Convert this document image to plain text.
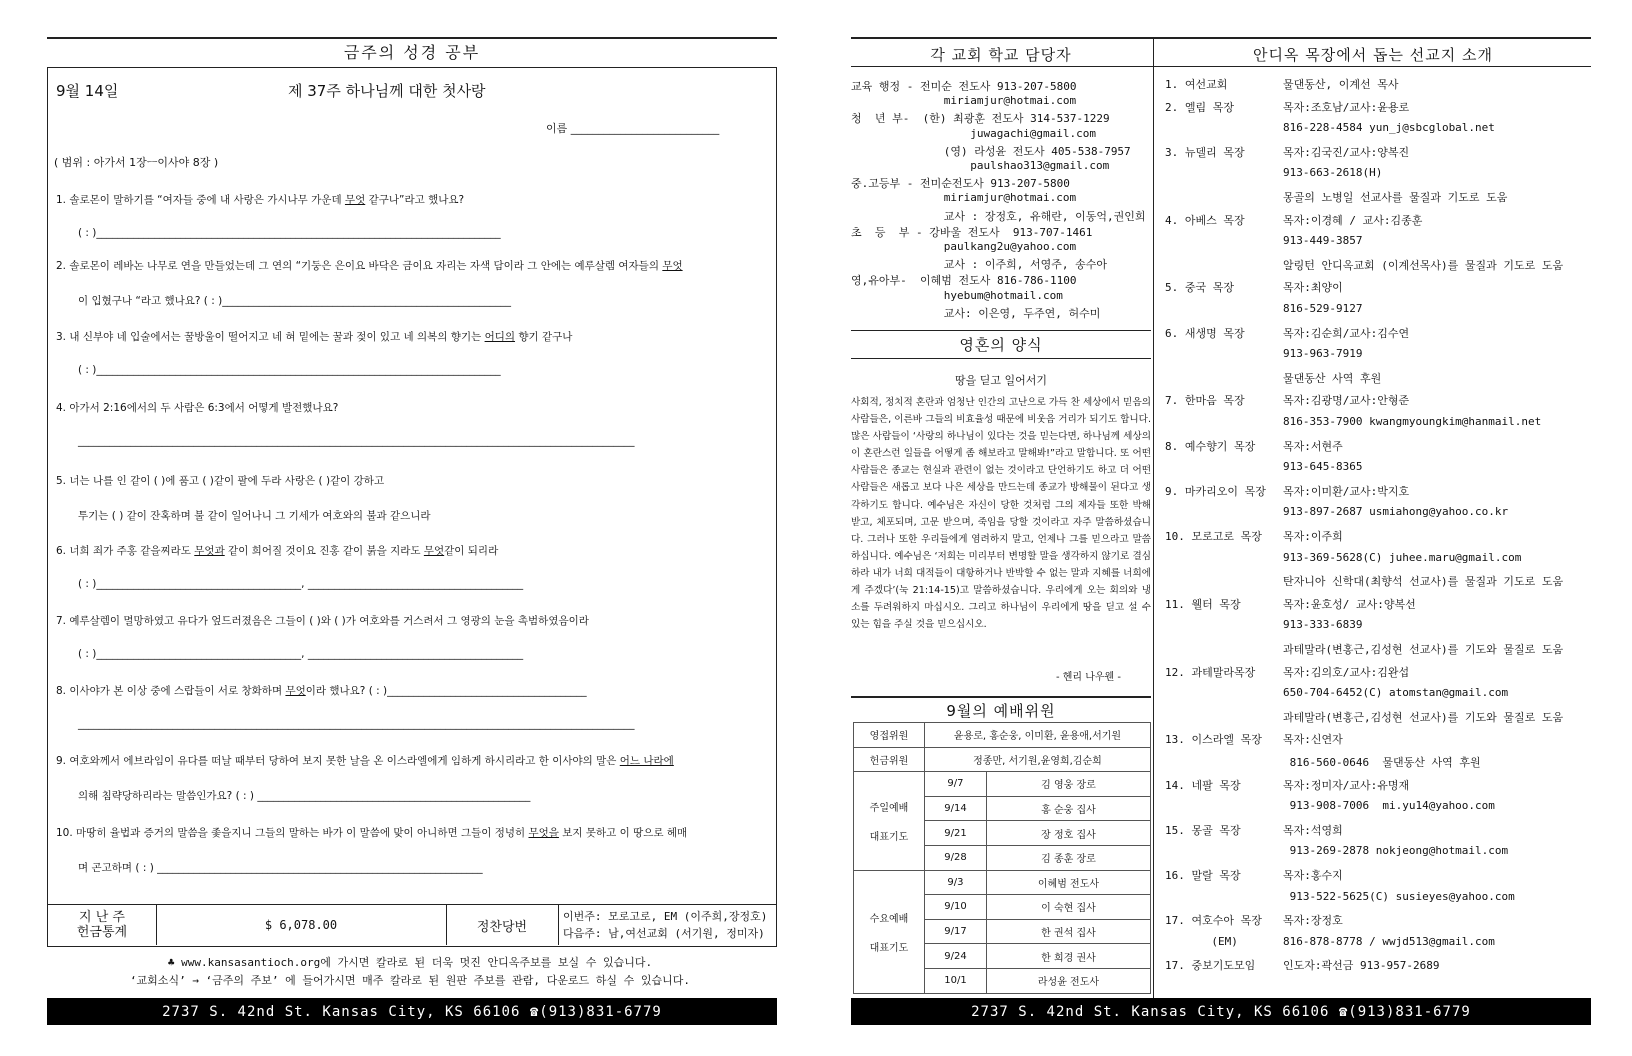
금주의 성경 공부
9월 14일	제 37주 하나님께 대한 첫사랑
이름 ___________________________
( 범위 : 아가서 1장ㅡ이사야 8장 )
1. 솔로몬이 말하기를 “여자들 중에 내 사랑은 가시나무 가운데 무엇 같구나”라고 했나요?
( : )_____________________________________________________________________________
2. 솔로몬이 레바논 나무로 연을 만들었는데 그 연의 “기둥은 은이요 바닥은 금이요 자리는 자색 담이라 그 안에는 예루살렘 여자들의 무엇
이 입혔구나 “라고 했나요? ( : )_______________________________________________________
3. 내 신부야 네 입술에서는 꿀방울이 떨어지고 네 혀 밑에는 꿀과 젖이 있고 네 의복의 향기는 어디의 향기 같구나
( : )_____________________________________________________________________________
4. 아가서 2:16에서의 두 사람은 6:3에서 어떻게 발전했나요?
__________________________________________________________________________________________________________
5. 너는 나를 인 같이 ( )에 품고 ( )같이 팔에 두라 사랑은 ( )같이 강하고
투기는 ( ) 같이 잔혹하며 불 같이 일어나니 그 기세가 여호와의 불과 같으니라
6. 너희 죄가 주홍 같을찌라도 무엇과 같이 희어질 것이요 진홍 같이 붉을 지라도 무엇같이 되리라
( : )_______________________________________, _________________________________________
7. 예루살렘이 멸망하였고 유다가 엎드러졌음은 그들이 ( )와 ( )가 여호와를 거스려서 그 영광의 눈을 촉범하였음이라
( : )_______________________________________, _________________________________________
8. 이사야가 본 이상 중에 스랍들이 서로 창화하며 무엇이라 했나요? ( : )______________________________________
__________________________________________________________________________________________________________
9. 여호와께서 에브라임이 유다를 떠날 때부터 당하여 보지 못한 날을 온 이스라엘에게 임하게 하시리라고 한 이사야의 말은 어느 나라에
의해 침략당하리라는 말씀인가요? ( : ) ____________________________________________________
10. 마땅히 율법과 증거의 말씀을 좇을지니 그들의 말하는 바가 이 말씀에 맞이 아니하면 그들이 정녕히 무엇을 보지 못하고 이 땅으로 헤매
며 곤고하며 ( : ) ______________________________________________________________
지 난 주
헌금통계	$ 6,078.00	정찬당번
이번주: 모로고로, EM (이주희,장정호)
다음주: 남,여선교회 (서기원, 정미자)
♣ www.kansasantioch.org에 가시면 칼라로 된 더욱 멋진 안디옥주보를 보실 수 있습니다.
‘교회소식’ → ‘금주의 주보’ 에 들어가시면 매주 칼라로 된 원판 주보를 관람, 다운로드 하실 수 있습니다.
2737 S. 42nd St. Kansas City, KS 66106 ☎(913)831-6779
각 교회 학교 담당자
교육 행정 - 전미순 전도사 913-207-5800
miriamjur@hotmai.com
청  년 부-  (한) 최광훈 전도사 314-537-1229
juwagachi@gmail.com
(영) 라성윤 전도사 405-538-7957
paulshao313@gmail.com
중.고등부 - 전미순전도사 913-207-5800
miriamjur@hotmai.com
교사 : 장정호, 유해란, 이동억,권인희
초  등  부 - 강바울 전도사  913-707-1461
paulkang2u@yahoo.com
교사 : 이주희, 서영주, 송수아
영,유아부-  이혜범 전도사 816-786-1100
hyebum@hotmail.com
교사: 이은영, 두주연, 허수미
영혼의 양식
땅을 딛고 일어서기
사회적, 정치적 혼란과 엄청난 인간의 고난으로 가득 찬 세상에서 믿음의 사람들은, 이른바 그들의 비효율성 때문에 비웃음 거리가 되기도 합니다. 많은 사람들이 ‘사랑의 하나님이 있다는 것을 믿는다면, 하나님께 세상의 이 혼란스런 일들을 어떻게 좀 해보라고 말해봐!”라고 말합니다. 또 어떤 사람들은 종교는 현실과 관련이 없는 것이라고 단언하기도 하고 더 어떤 사람들은 새롭고 보다 나은 세상을 만드는데 종교가 방해물이 된다고 생각하기도 합니다. 예수님은 자신이 당한 것처럼 그의 제자들 또한 박해 받고, 체포되며, 고문 받으며, 죽임을 당할 것이라고 자주 말씀하셨습니다. 그러나 또한 우리들에게 염려하지 말고, 언제나 그를 믿으라고 말씀하십니다. 예수님은 ‘저희는 미리부터 변명할 말을 생각하지 않기로 결심하라 내가 너희 대적들이 대항하거나 반박할 수 없는 말과 지혜를 너희에게 주겠다’(눅 21:14-15)고 말씀하셨습니다. 우리에게 오는 회의와 냉소를 두려워하지 마십시오. 그리고 하나님이 우리에게 땅을 딛고 설 수 있는 힘을 주실 것을 믿으십시오.
- 헨리 나우웬 -
9월의 예배위원
영접위원	윤용로, 홍순웅, 이미환, 윤용애,서기원	
헌금위원	정종만, 서기원,윤영희,김순희	

주일예배
대표기도	9/7	김 영웅 장로
	9/14	홍 순웅 집사
	9/21	장 정호 집사
	9/28	김 종훈 장로

수요예배
대표기도	9/3	이혜범 전도사
	9/10	이 숙현 집사
	9/17	한 권석 집사
	9/24	한 희경 권사
	10/1	라성윤 전도사
안디옥 목장에서 돕는 선교지 소개
1. 여선교회	물댄동산, 이계선 목사
2. 엘림 목장	목자:조호남/교사:윤용로
816-228-4584 yun_j@sbcglobal.net
3. 뉴델리 목장	목자:김국진/교사:양복진
913-663-2618(H)
몽골의 노병일 선교사를 물질과 기도로 도움
4. 아베스 목장	목자:이경혜 / 교사:김종훈
913-449-3857
알링턴 안디옥교회 (이계선목사)를 물질과 기도로 도움
5. 중국 목장	목자:최양이
816-529-9127
6. 새생명 목장	목자:김순희/교사:김수연
913-963-7919
물댄동산 사역 후원
7. 한마음 목장	목자:김광명/교사:안형준
816-353-7900 kwangmyoungkim@hanmail.net
8. 예수향기 목장	목자:서현주
913-645-8365
9. 마카리오이 목장 목자:이미환/교사:박지호
913-897-2687 usmiahong@yahoo.co.kr
10. 모로고로 목장 목자:이주희
913-369-5628(C) juhee.maru@gmail.com
탄자니아 신학대(최향석 선교사)를 물질과 기도로 도움
11. 웰터 목장	목자:윤호성/ 교사:양복선
913-333-6839
과테말라(변홍근,김성현 선교사)를 기도와 물질로 도움
12. 과테말라목장	목자:김의호/교사:김완섭
650-704-6452(C) atomstan@gmail.com
과테말라(변홍근,김성현 선교사)를 기도와 물질로 도움
13. 이스라엘 목장 목자:신연자
816-560-0646  물댄동산 사역 후원
14. 네팔 목장	목자:정미자/교사:유명재
913-908-7006  mi.yu14@yahoo.com
15. 몽골 목장	목자:석영희
913-269-2878 nokjeong@hotmail.com
16. 말랄 목장	목자:홍수지
913-522-5625(C) susieyes@yahoo.com
17. 여호수아 목장 목자:장정호
(EM)	816-878-8778 / wwjd513@gmail.com
17. 중보기도모임	인도자:곽선금 913-957-2689
2737 S. 42nd St. Kansas City, KS 66106 ☎(913)831-6779
